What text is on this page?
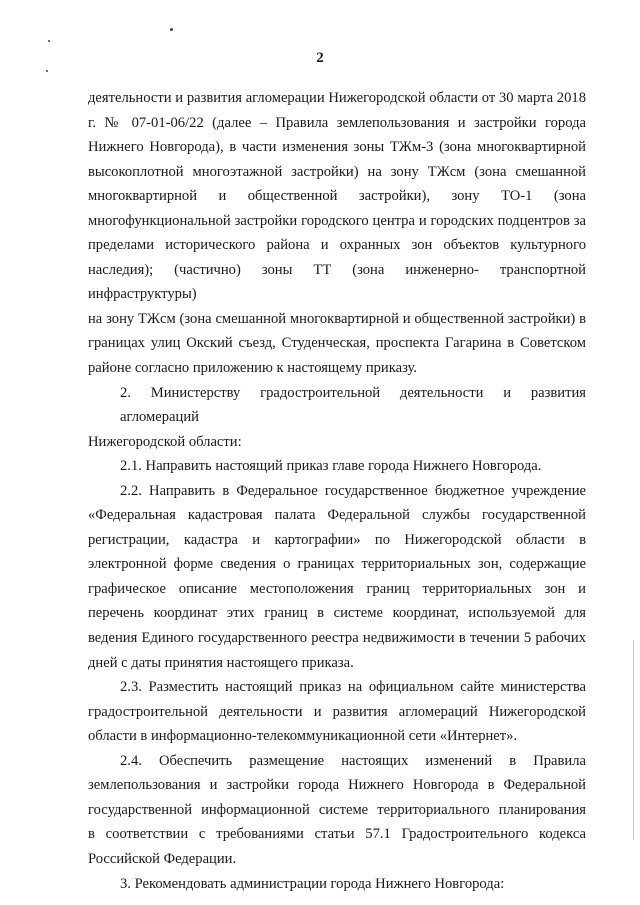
2

деятельности и развития агломерации Нижегородской области от 30 марта 2018
г. № 07-01-06/22 (далее – Правила землепользования и застройки города
Нижнего Новгорода), в части изменения зоны ТЖм-3 (зона многоквартирной
высокоплотной многоэтажной застройки) на зону ТЖсм (зона смешанной
многоквартирной и общественной застройки), зону ТО-1 (зона
многофункциональной застройки городского центра и городских подцентров за
пределами исторического района и охранных зон объектов культурного
наследия); (частично) зоны ТТ (зона инженерно- транспортной инфраструктуры)
на зону ТЖсм (зона смешанной многоквартирной и общественной застройки) в
границах улиц Окский съезд, Студенческая, проспекта Гагарина в Советском
районе согласно приложению к настоящему приказу.

2. Министерству градостроительной деятельности и развития агломераций
Нижегородской области:

2.1. Направить настоящий приказ главе города Нижнего Новгорода.

2.2. Направить в Федеральное государственное бюджетное учреждение
«Федеральная кадастровая палата Федеральной службы государственной
регистрации, кадастра и картографии» по Нижегородской области в
электронной форме сведения о границах территориальных зон, содержащие
графическое описание местоположения границ территориальных зон и
перечень координат этих границ в системе координат, используемой для
ведения Единого государственного реестра недвижимости в течении 5 рабочих
дней с даты принятия настоящего приказа.

2.3. Разместить настоящий приказ на официальном сайте министерства
градостроительной деятельности и развития агломераций Нижегородской
области в информационно-телекоммуникационной сети «Интернет».

2.4. Обеспечить размещение настоящих изменений в Правила
землепользования и застройки города Нижнего Новгорода в Федеральной
государственной информационной системе территориального планирования
в соответствии с требованиями статьи 57.1 Градостроительного кодекса
Российской Федерации.

3. Рекомендовать администрации города Нижнего Новгорода:
